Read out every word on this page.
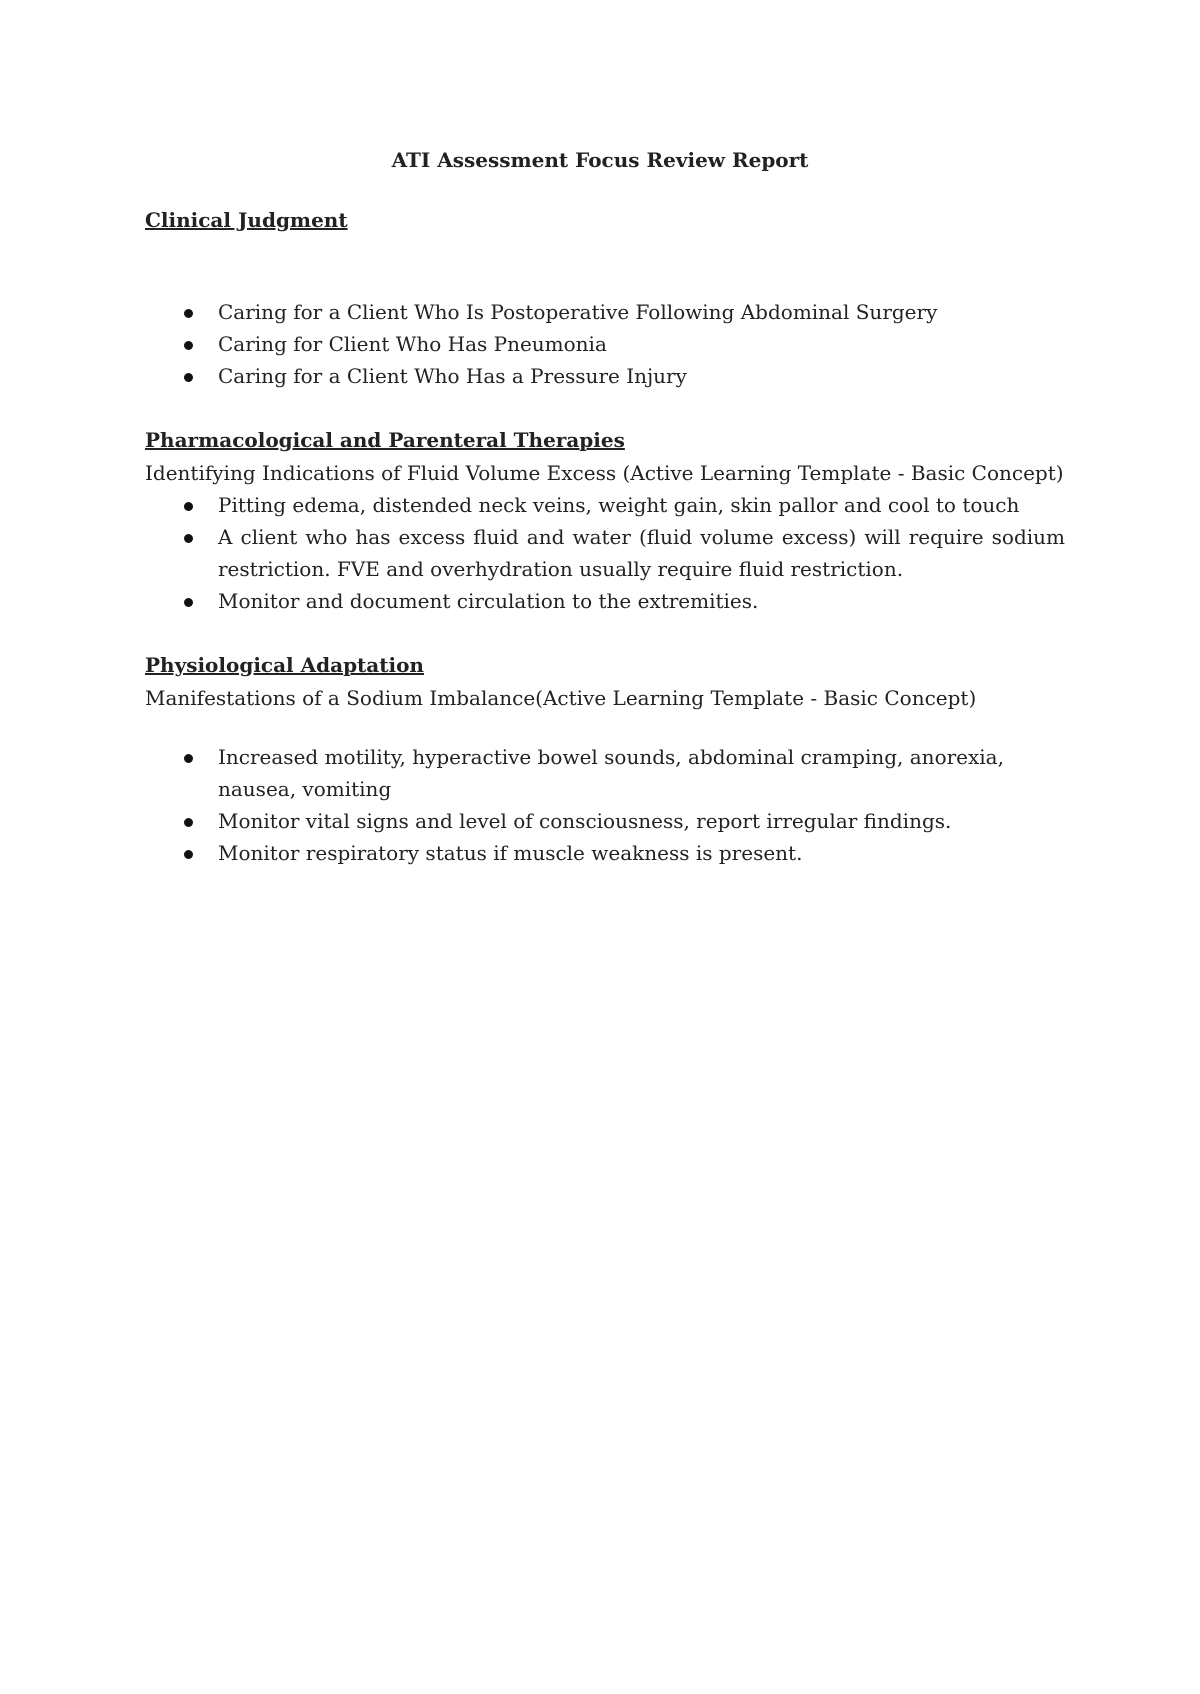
ATI Assessment Focus Review Report
Clinical Judgment
Caring for a Client Who Is Postoperative Following Abdominal Surgery
Caring for Client Who Has Pneumonia
Caring for a Client Who Has a Pressure Injury
Pharmacological and Parenteral Therapies

Identifying Indications of Fluid Volume Excess (Active Learning Template - Basic Concept)

Pitting edema, distended neck veins, weight gain, skin pallor and cool to touch
A client who has excess fluid and water (fluid volume excess) will require sodium restriction. FVE and overhydration usually require fluid restriction.
Monitor and document circulation to the extremities.
Physiological Adaptation

Manifestations of a Sodium Imbalance(Active Learning Template - Basic Concept)

Increased motility, hyperactive bowel sounds, abdominal cramping, anorexia, nausea, vomiting
Monitor vital signs and level of consciousness, report irregular findings.
Monitor respiratory status if muscle weakness is present.
